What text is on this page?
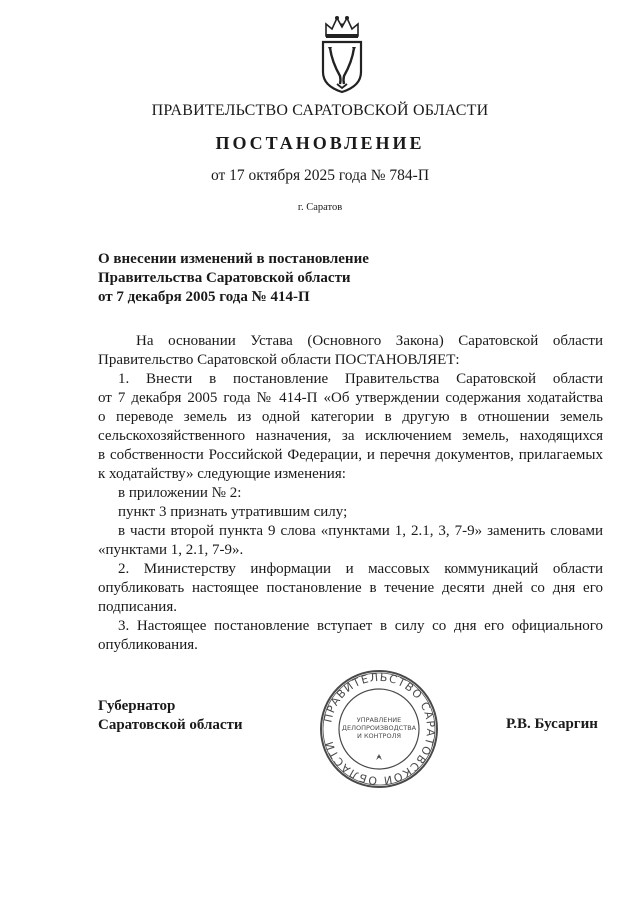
ПРАВИТЕЛЬСТВО САРАТОВСКОЙ ОБЛАСТИ
ПОСТАНОВЛЕНИЕ
от 17 октября 2025 года № 784-П
г. Саратов
О внесении изменений в постановление
Правительства Саратовской области
от 7 декабря 2005 года № 414-П
На основании Устава (Основного Закона) Саратовской области
Правительство Саратовской области ПОСТАНОВЛЯЕТ:
1. Внести в постановление Правительства Саратовской области
от 7 декабря 2005 года № 414-П «Об утверждении содержания ходатайства
о переводе земель из одной категории в другую в отношении земель
сельскохозяйственного назначения, за исключением земель, находящихся
в собственности Российской Федерации, и перечня документов, прилагаемых
к ходатайству» следующие изменения:
в приложении № 2:
пункт 3 признать утратившим силу;
в части второй пункта 9 слова «пунктами 1, 2.1, 3, 7-9» заменить словами
«пунктами 1, 2.1, 7-9».
2. Министерству информации и массовых коммуникаций области
опубликовать настоящее постановление в течение десяти дней со дня его
подписания.
3. Настоящее постановление вступает в силу со дня его официального
опубликования.
Губернатор
Саратовской области	ПРАВИТЕЛЬСТВО САРАТОВСКОЙ ОБЛАСТИ
УПРАВЛЕНИЕ
ДЕЛОПРОИЗВОДСТВА
И КОНТРОЛЯ
Р.В. Бусаргин
